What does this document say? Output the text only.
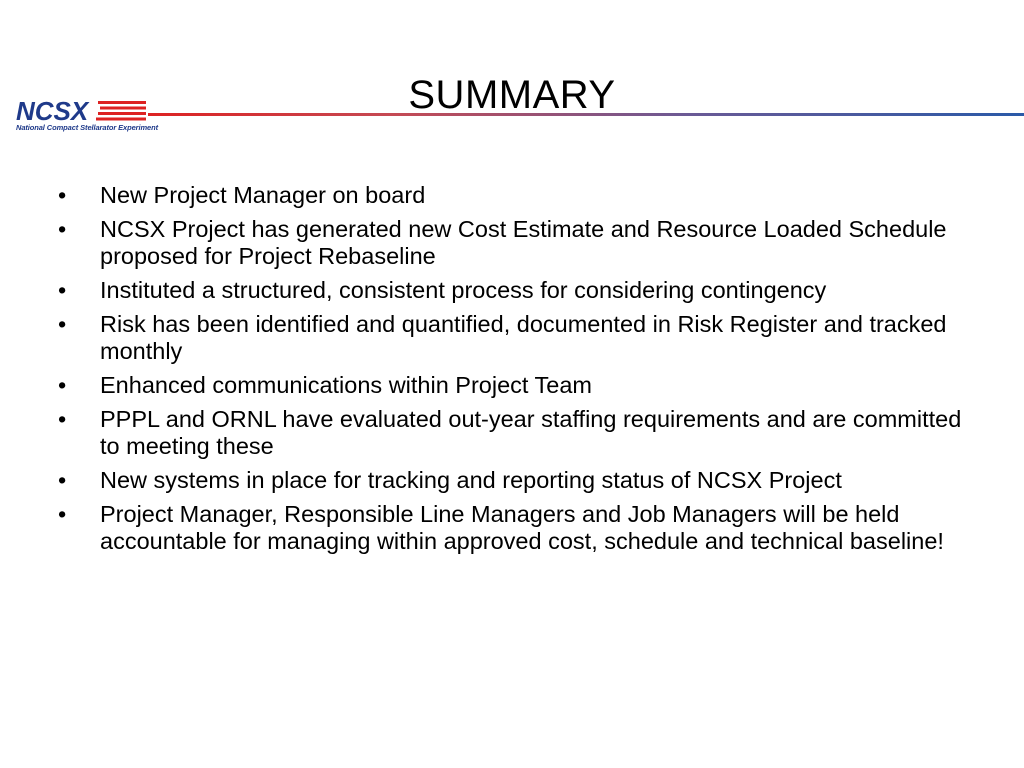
NCSX
National Compact Stellarator Experiment
SUMMARY
•	New Project Manager on board
•	NCSX Project has generated new Cost Estimate and Resource Loaded Schedule proposed for Project Rebaseline
•	Instituted a structured, consistent process for considering contingency
•	Risk has been identified and quantified, documented in Risk Register and tracked monthly
•	Enhanced communications within Project Team
•	PPPL and ORNL have evaluated out-year staffing requirements and are committed to meeting these
•	New systems in place for tracking and reporting status of NCSX Project
•	Project Manager, Responsible Line Managers and Job Managers will be held accountable for managing within approved cost, schedule and technical baseline!
